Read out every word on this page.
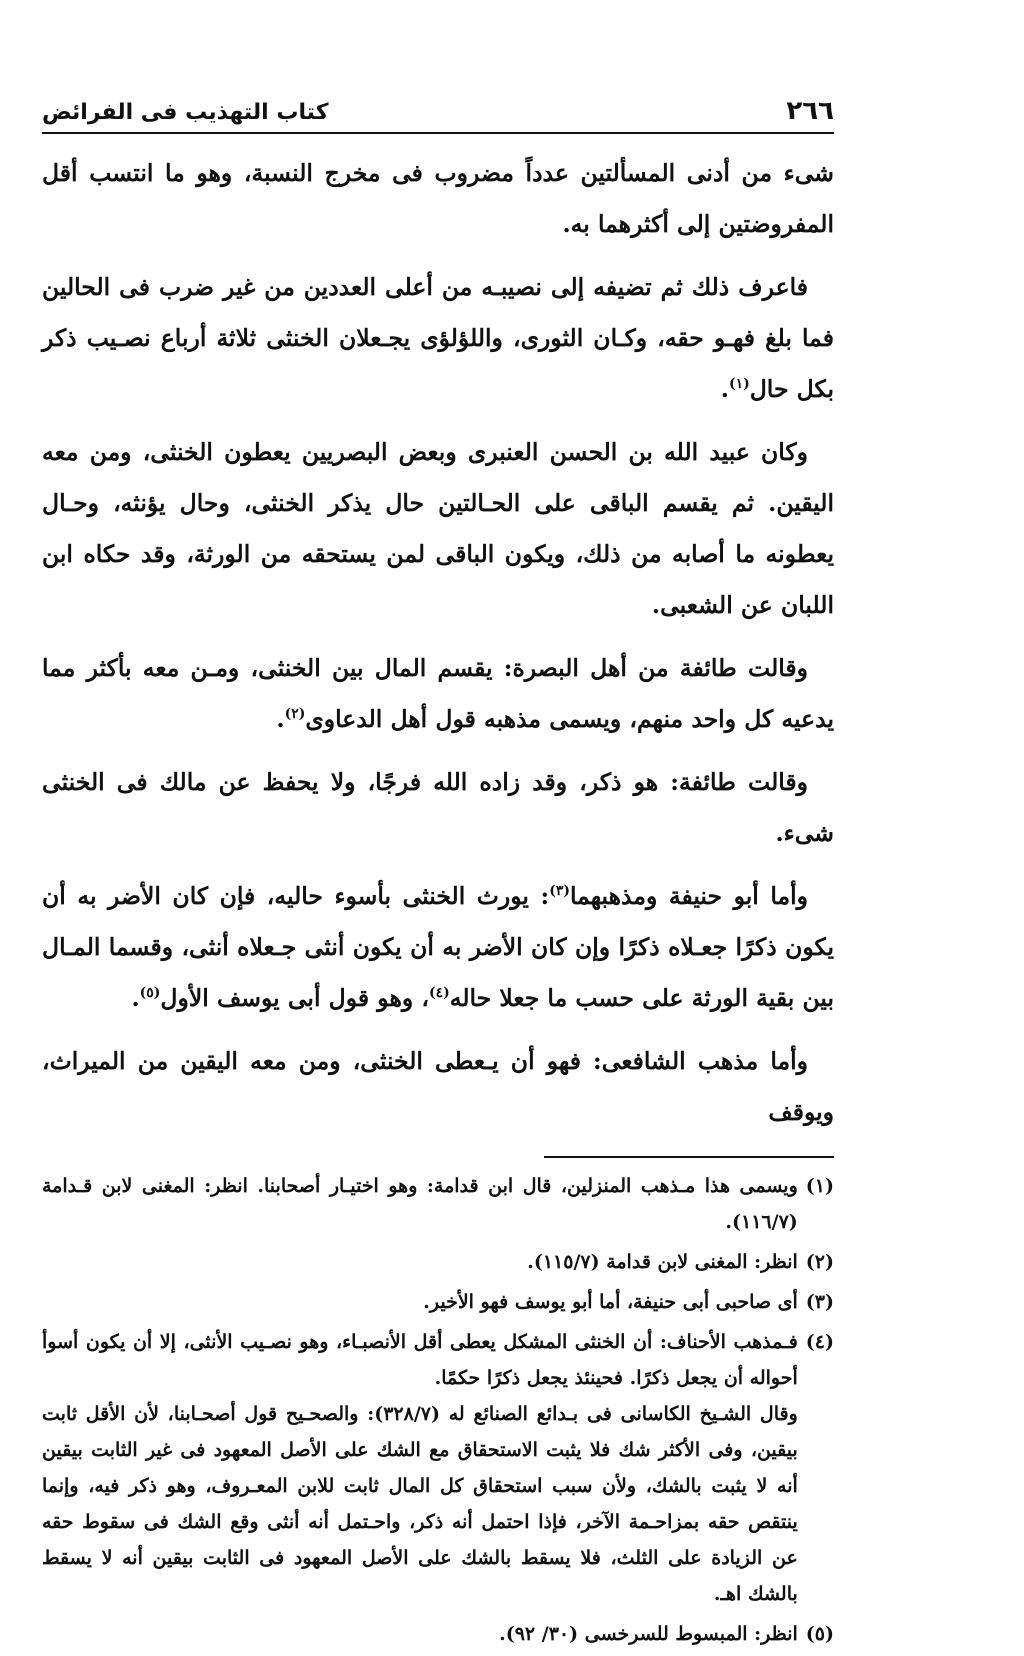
٢٦٦
كتاب التهذيب فى الفرائض

شىء من أدنى المسألتين عدداً مضروب فى مخرج النسبة، وهو ما انتسب أقل المفروضتين إلى أكثرهما به.

فاعرف ذلك ثم تضيفه إلى نصيبـه من أعلى العددين من غير ضرب فى الحالين فما بلغ فهـو حقه، وكـان الثورى، واللؤلؤى يجـعلان الخنثى ثلاثة أرباع نصـيب ذكر بكل حال$^{(١)}$.

وكان عبيد الله بن الحسن العنبرى وبعض البصريين يعطون الخنثى، ومن معه اليقين. ثم يقسم الباقى على الحـالتين حال يذكر الخنثى، وحال يؤنثه، وحـال يعطونه ما أصابه من ذلك، ويكون الباقى لمن يستحقه من الورثة، وقد حكاه ابن اللبان عن الشعبى.

وقالت طائفة من أهل البصرة: يقسم المال بين الخنثى، ومـن معه بأكثر مما يدعيه كل واحد منهم، ويسمى مذهبه قول أهل الدعاوى$^{(٢)}$.

وقالت طائفة: هو ذكر، وقد زاده الله فرجًا، ولا يحفظ عن مالك فى الخنثى شىء.

وأما أبو حنيفة ومذهبهما$^{(٣)}$: يورث الخنثى بأسوء حاليه، فإن كان الأضر به أن يكون ذكرًا جعـلاه ذكرًا وإن كان الأضر به أن يكون أنثى جـعلاه أنثى، وقسما المـال بين بقية الورثة على حسب ما جعلا حاله$^{(٤)}$، وهو قول أبى يوسف الأول$^{(٥)}$.

وأما مذهب الشافعى: فهو أن يـعطى الخنثى، ومن معه اليقين من الميراث، ويوقف

(١)

ويسمى هذا مـذهب المنزلين، قال ابن قدامة: وهو اختيـار أصحابنا. انظر: المغنى لابن قـدامة (١١٦/٧).

(٢)

انظر: المغنى لابن قدامة (١١٥/٧).

(٣)

أى صاحبى أبى حنيفة، أما أبو يوسف فهو الأخير.

(٤)

فـمذهب الأحناف: أن الخنثى المشكل يعطى أقل الأنصبـاء، وهو نصـيب الأنثى، إلا أن يكون أسوأ أحواله أن يجعل ذكرًا. فحينئذ يجعل ذكرًا حكمًا.

وقال الشـيخ الكاسانى فى بـدائع الصنائع له (٣٢٨/٧): والصحـيح قول أصحـابنا، لأن الأقل ثابت بيقين، وفى الأكثر شك فلا يثبت الاستحقاق مع الشك على الأصل المعهود فى غير الثابت بيقين أنه لا يثبت بالشك، ولأن سبب استحقاق كل المال ثابت للابن المعـروف، وهو ذكر فيه، وإنما ينتقص حقه بمزاحـمة الآخر، فإذا احتمل أنه ذكر، واحـتمل أنه أنثى وقع الشك فى سقوط حقه عن الزيادة على الثلث، فلا يسقط بالشك على الأصل المعهود فى الثابت بيقين أنه لا يسقط بالشك اهـ.

(٥)

انظر: المبسوط للسرخسى (٣٠/ ٩٢).
